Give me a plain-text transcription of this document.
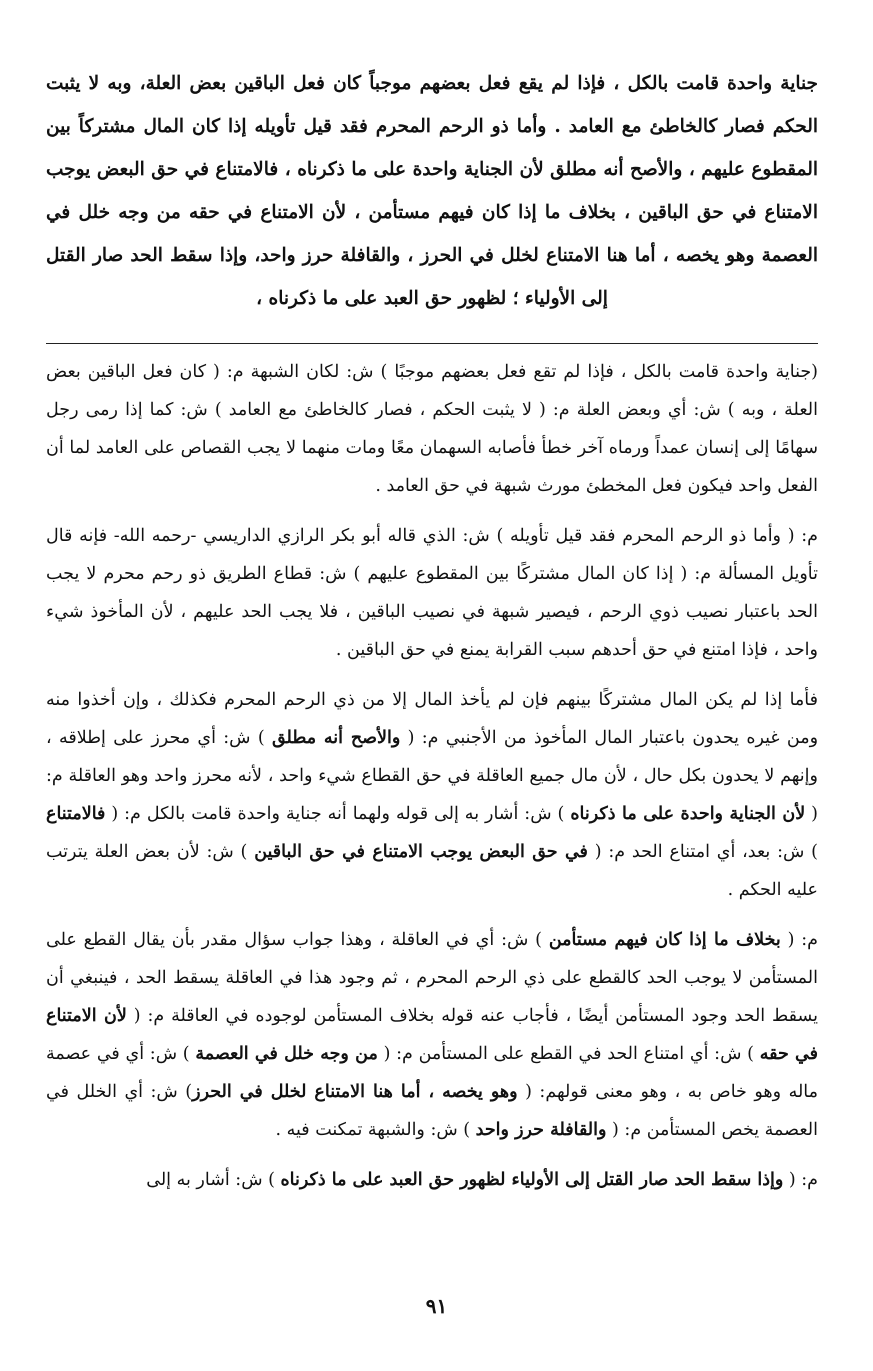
جناية واحدة قامت بالكل ، فإذا لم يقع فعل بعضهم موجباً كان فعل الباقين بعض العلة، وبه لا يثبت الحكم فصار كالخاطئ مع العامد . وأما ذو الرحم المحرم فقد قيل تأويله إذا كان المال مشتركاً بين المقطوع عليهم ، والأصح أنه مطلق لأن الجناية واحدة على ما ذكرناه ، فالامتناع في حق البعض يوجب الامتناع في حق الباقين ، بخلاف ما إذا كان فيهم مستأمن ، لأن الامتناع في حقه من وجه خلل في العصمة وهو يخصه ، أما هنا الامتناع لخلل في الحرز ، والقافلة حرز واحد، وإذا سقط الحد صار القتل إلى الأولياء ؛ لظهور حق العبد على ما ذكرناه ،

(جناية واحدة قامت بالكل ، فإذا لم تقع فعل بعضهم موجبًا ) ش: لكان الشبهة م: ( كان فعل الباقين بعض العلة ، وبه ) ش: أي وبعض العلة م: ( لا يثبت الحكم ، فصار كالخاطئ مع العامد ) ش: كما إذا رمى رجل سهامًا إلى إنسان عمداً ورماه آخر خطأ فأصابه السهمان معًا ومات منهما لا يجب القصاص على العامد لما أن الفعل واحد فيكون فعل المخطئ مورث شبهة في حق العامد .

م: ( وأما ذو الرحم المحرم فقد قيل تأويله ) ش: الذي قاله أبو بكر الرازي الداريسي -رحمه الله- فإنه قال تأويل المسألة م: ( إذا كان المال مشتركًا بين المقطوع عليهم ) ش: قطاع الطريق ذو رحم محرم لا يجب الحد باعتبار نصيب ذوي الرحم ، فيصير شبهة في نصيب الباقين ، فلا يجب الحد عليهم ، لأن المأخوذ شيء واحد ، فإذا امتنع في حق أحدهم سبب القرابة يمنع في حق الباقين .

فأما إذا لم يكن المال مشتركًا بينهم فإن لم يأخذ المال إلا من ذي الرحم المحرم فكذلك ، وإن أخذوا منه ومن غيره يحدون باعتبار المال المأخوذ من الأجنبي م: ( والأصح أنه مطلق ) ش: أي محرز على إطلاقه ، وإنهم لا يحدون بكل حال ، لأن مال جميع العاقلة في حق القطاع شيء واحد ، لأنه محرز واحد وهو العاقلة م: ( لأن الجناية واحدة على ما ذكرناه ) ش: أشار به إلى قوله ولهما أنه جناية واحدة قامت بالكل م: ( فالامتناع ) ش: بعد، أي امتناع الحد م: ( في حق البعض يوجب الامتناع في حق الباقين ) ش: لأن بعض العلة يترتب عليه الحكم .

م: ( بخلاف ما إذا كان فيهم مستأمن ) ش: أي في العاقلة ، وهذا جواب سؤال مقدر بأن يقال القطع على المستأمن لا يوجب الحد كالقطع على ذي الرحم المحرم ، ثم وجود هذا في العاقلة يسقط الحد ، فينبغي أن يسقط الحد وجود المستأمن أيضًا ، فأجاب عنه قوله بخلاف المستأمن لوجوده في العاقلة م: ( لأن الامتناع في حقه ) ش: أي امتناع الحد في القطع على المستأمن م: ( من وجه خلل في العصمة ) ش: أي في عصمة ماله وهو خاص به ، وهو معنى قولهم: ( وهو يخصه ، أما هنا الامتناع لخلل في الحرز) ش: أي الخلل في العصمة يخص المستأمن م: ( والقافلة حرز واحد ) ش: والشبهة تمكنت فيه .

م: ( وإذا سقط الحد صار القتل إلى الأولياء لظهور حق العبد على ما ذكرناه ) ش: أشار به إلى

٩١
